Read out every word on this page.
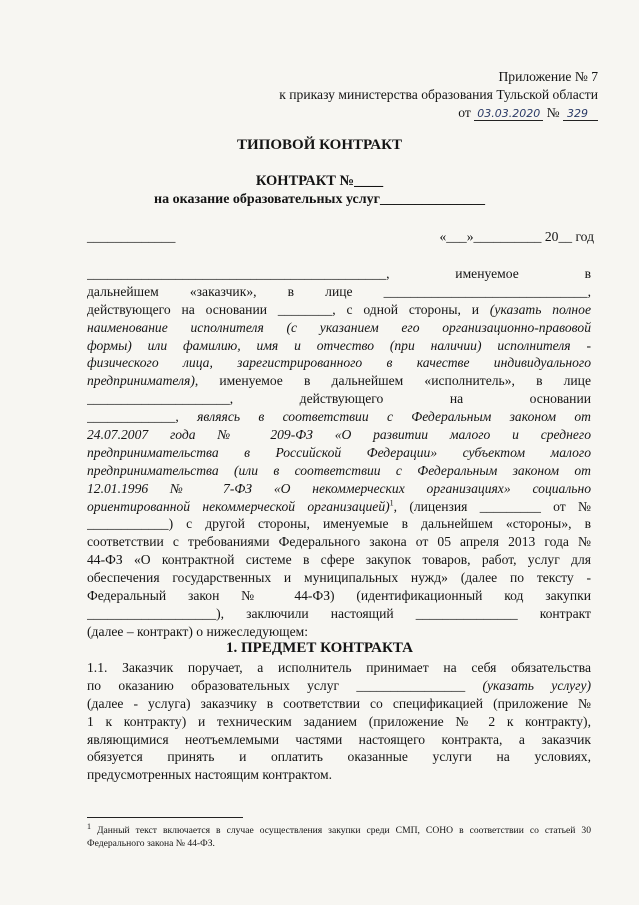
Приложение № 7
к приказу министерства образования Тульской области
от 03.03.2020 № 329
ТИПОВОЙ КОНТРАКТ
КОНТРАКТ №____
на оказание образовательных услуг_______________
_____________	«___»__________ 20__ год
____________________________________________, именуемое в
дальнейшем «заказчик», в лице ______________________________,
действующего на основании ________, с одной стороны, и (указать полное
наименование исполнителя (с указанием его организационно-правовой
формы) или фамилию, имя и отчество (при наличии) исполнителя -
физического лица, зарегистрированного в качестве индивидуального
предпринимателя), именуемое в дальнейшем «исполнитель», в лице
_____________________, действующего на основании
_____________, являясь в соответствии с Федеральным законом от
24.07.2007 года № 209-ФЗ «О развитии малого и среднего
предпринимательства в Российской Федерации» субъектом малого
предпринимательства (или в соответствии с Федеральным законом от
12.01.1996 № 7-ФЗ «О некоммерческих организациях» социально
ориентированной некоммерческой организацией)$^1$, (лицензия _________ от №
____________) с другой стороны, именуемые в дальнейшем «стороны», в
соответствии с требованиями Федерального закона от 05 апреля 2013 года №
44-ФЗ «О контрактной системе в сфере закупок товаров, работ, услуг для
обеспечения государственных и муниципальных нужд» (далее по тексту -
Федеральный закон № 44-ФЗ) (идентификационный код закупки
___________________), заключили настоящий _______________ контракт
(далее – контракт) о нижеследующем:
1. ПРЕДМЕТ КОНТРАКТА
1.1. Заказчик поручает, а исполнитель принимает на себя обязательства
по оказанию образовательных услуг ________________ (указать услугу)
(далее - услуга) заказчику в соответствии со спецификацией (приложение №
1 к контракту) и техническим заданием (приложение № 2 к контракту),
являющимися неотъемлемыми частями настоящего контракта, а заказчик
обязуется принять и оплатить оказанные услуги на условиях,
предусмотренных настоящим контрактом.
$^1$ Данный текст включается в случае осуществления закупки среди СМП, СОНО в соответствии со статьей 30 Федерального закона № 44-ФЗ.
